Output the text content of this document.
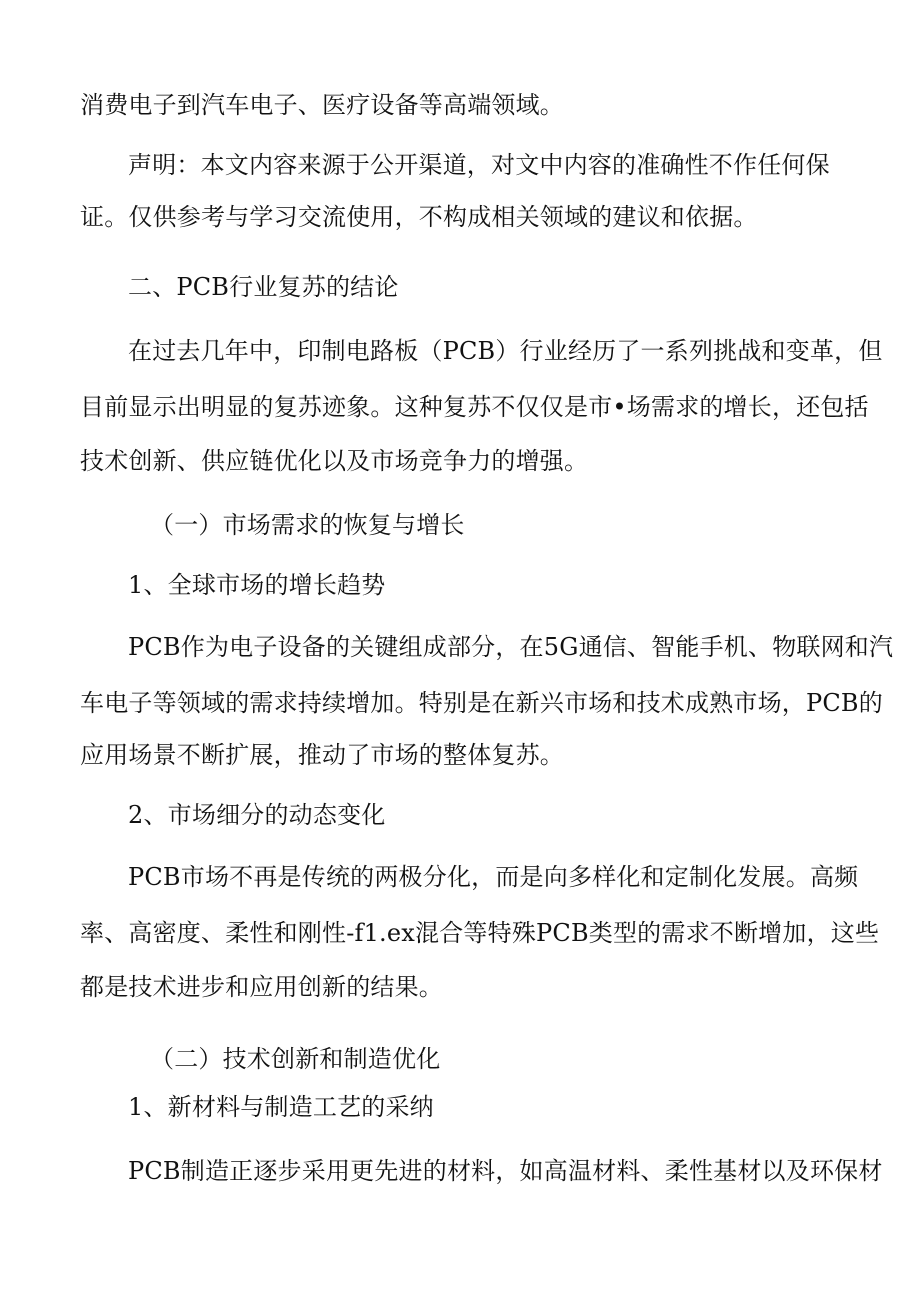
消费电子到汽车电子、医疗设备等高端领域。
声明：本文内容来源于公开渠道，对文中内容的准确性不作任何保
证。仅供参考与学习交流使用，不构成相关领域的建议和依据。
二、PCB行业复苏的结论
在过去几年中，印制电路板（PCB）行业经历了一系列挑战和变革，但
目前显示出明显的复苏迹象。这种复苏不仅仅是市•场需求的增长，还包括
技术创新、供应链优化以及市场竞争力的增强。
（一）市场需求的恢复与增长
1、全球市场的增长趋势
PCB作为电子设备的关键组成部分，在5G通信、智能手机、物联网和汽
车电子等领域的需求持续增加。特别是在新兴市场和技术成熟市场，PCB的
应用场景不断扩展，推动了市场的整体复苏。
2、市场细分的动态变化
PCB市场不再是传统的两极分化，而是向多样化和定制化发展。高频
率、高密度、柔性和刚性-f1.ex混合等特殊PCB类型的需求不断增加，这些
都是技术进步和应用创新的结果。
（二）技术创新和制造优化
1、新材料与制造工艺的采纳
PCB制造正逐步采用更先进的材料，如高温材料、柔性基材以及环保材
